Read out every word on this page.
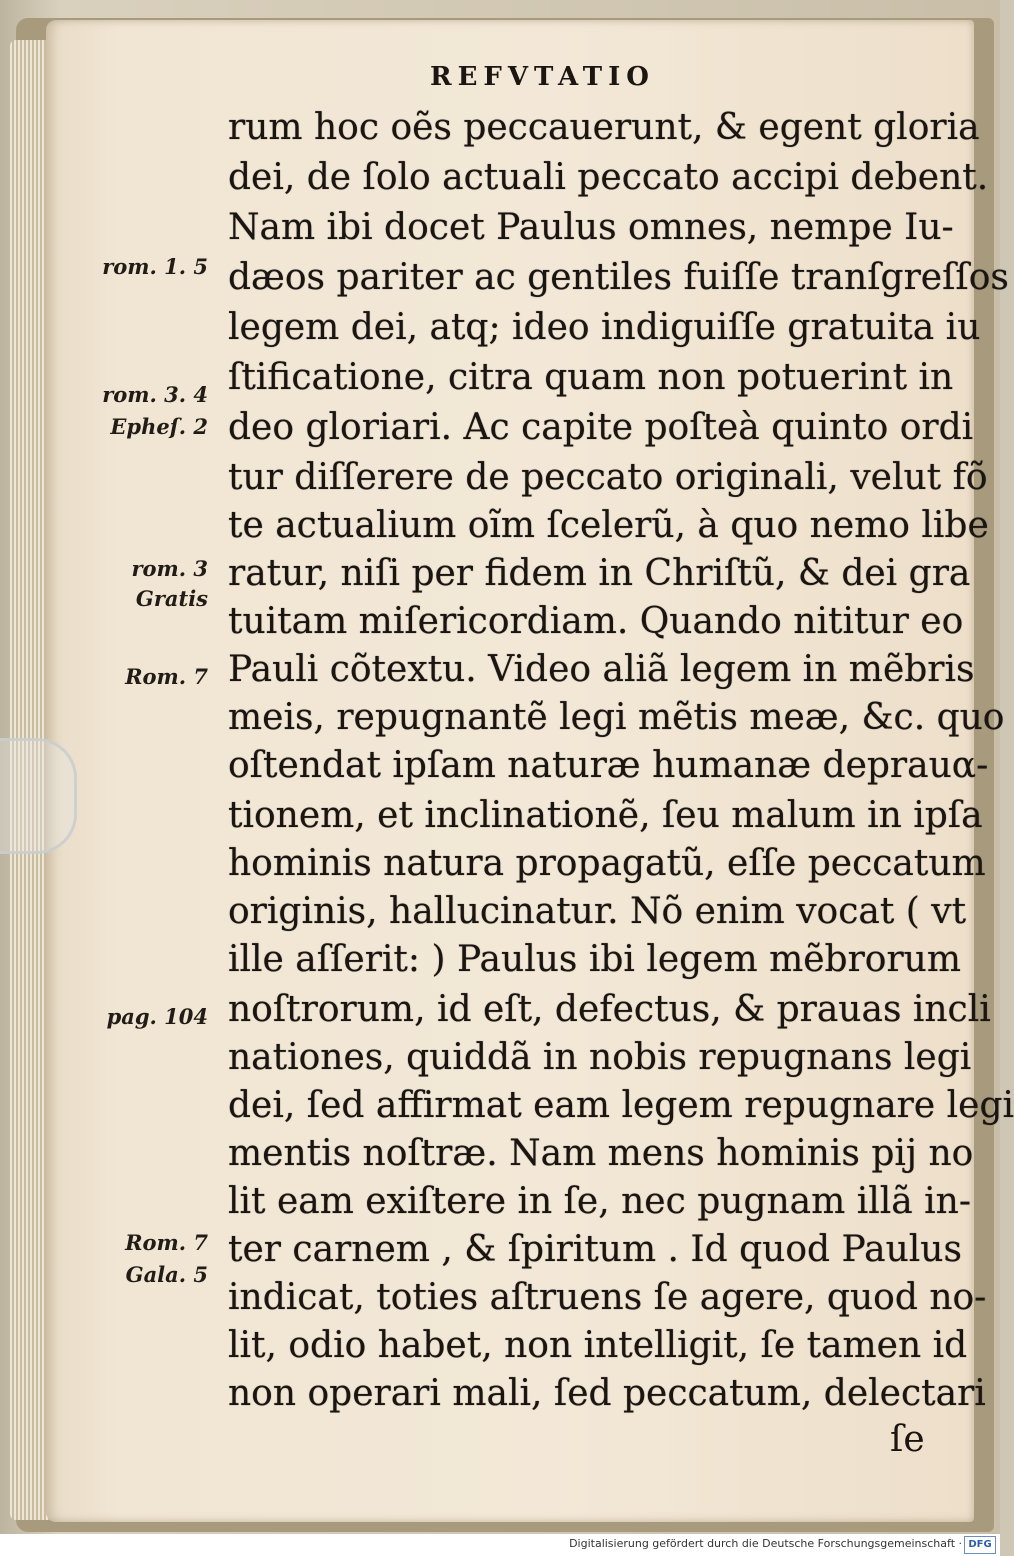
REFVTATIO
rum hoc oẽs peccauerunt, & egent gloria
dei, de ſolo actuali peccato accipi debent.
Nam ibi docet Paulus omnes, nempe Iu-
dæos pariter ac gentiles fuiſſe tranſgreſſos
legem dei, atq; ideo indiguiſſe gratuita iu
ſtificatione, citra quam non potuerint in
deo gloriari. Ac capite poſteà quinto ordi
tur diſſerere de peccato originali, velut fõ
te actualium oĩm ſcelerũ, à quo nemo libe
ratur, niſi per fidem in Chriſtũ, & dei gra
tuitam miſericordiam. Quando nititur eo
Pauli cõtextu. Video aliã legem in mẽbris
meis, repugnantẽ legi mẽtis meæ, &c. quo
oſtendat ipſam naturæ humanæ deprauα-
tionem, et inclinationẽ, ſeu malum in ipſa
hominis natura propagatũ, eſſe peccatum
originis, hallucinatur. Nõ enim vocat ( vt
ille aſſerit: ) Paulus ibi legem mẽbrorum
noſtrorum, id eſt, defectus, & prauas incli
nationes, quiddã in nobis repugnans legi
dei, ſed affirmat eam legem repugnare legi
mentis noſtræ. Nam mens hominis pij no
lit eam exiſtere in ſe, nec pugnam illã in-
ter carnem , & ſpiritum . Id quod Paulus
indicat, toties aſtruens ſe agere, quod no-
lit, odio habet, non intelligit, ſe tamen id
non operari mali, ſed peccatum, delectari
ſe
rom. 1. 5
rom. 3. 4
Epheſ. 2
rom. 3
Gratis
Rom. 7
pag. 104
Rom. 7
Gala. 5
Digitalisierung gefördert durch die Deutsche Forschungsgemeinschaft · DFG
